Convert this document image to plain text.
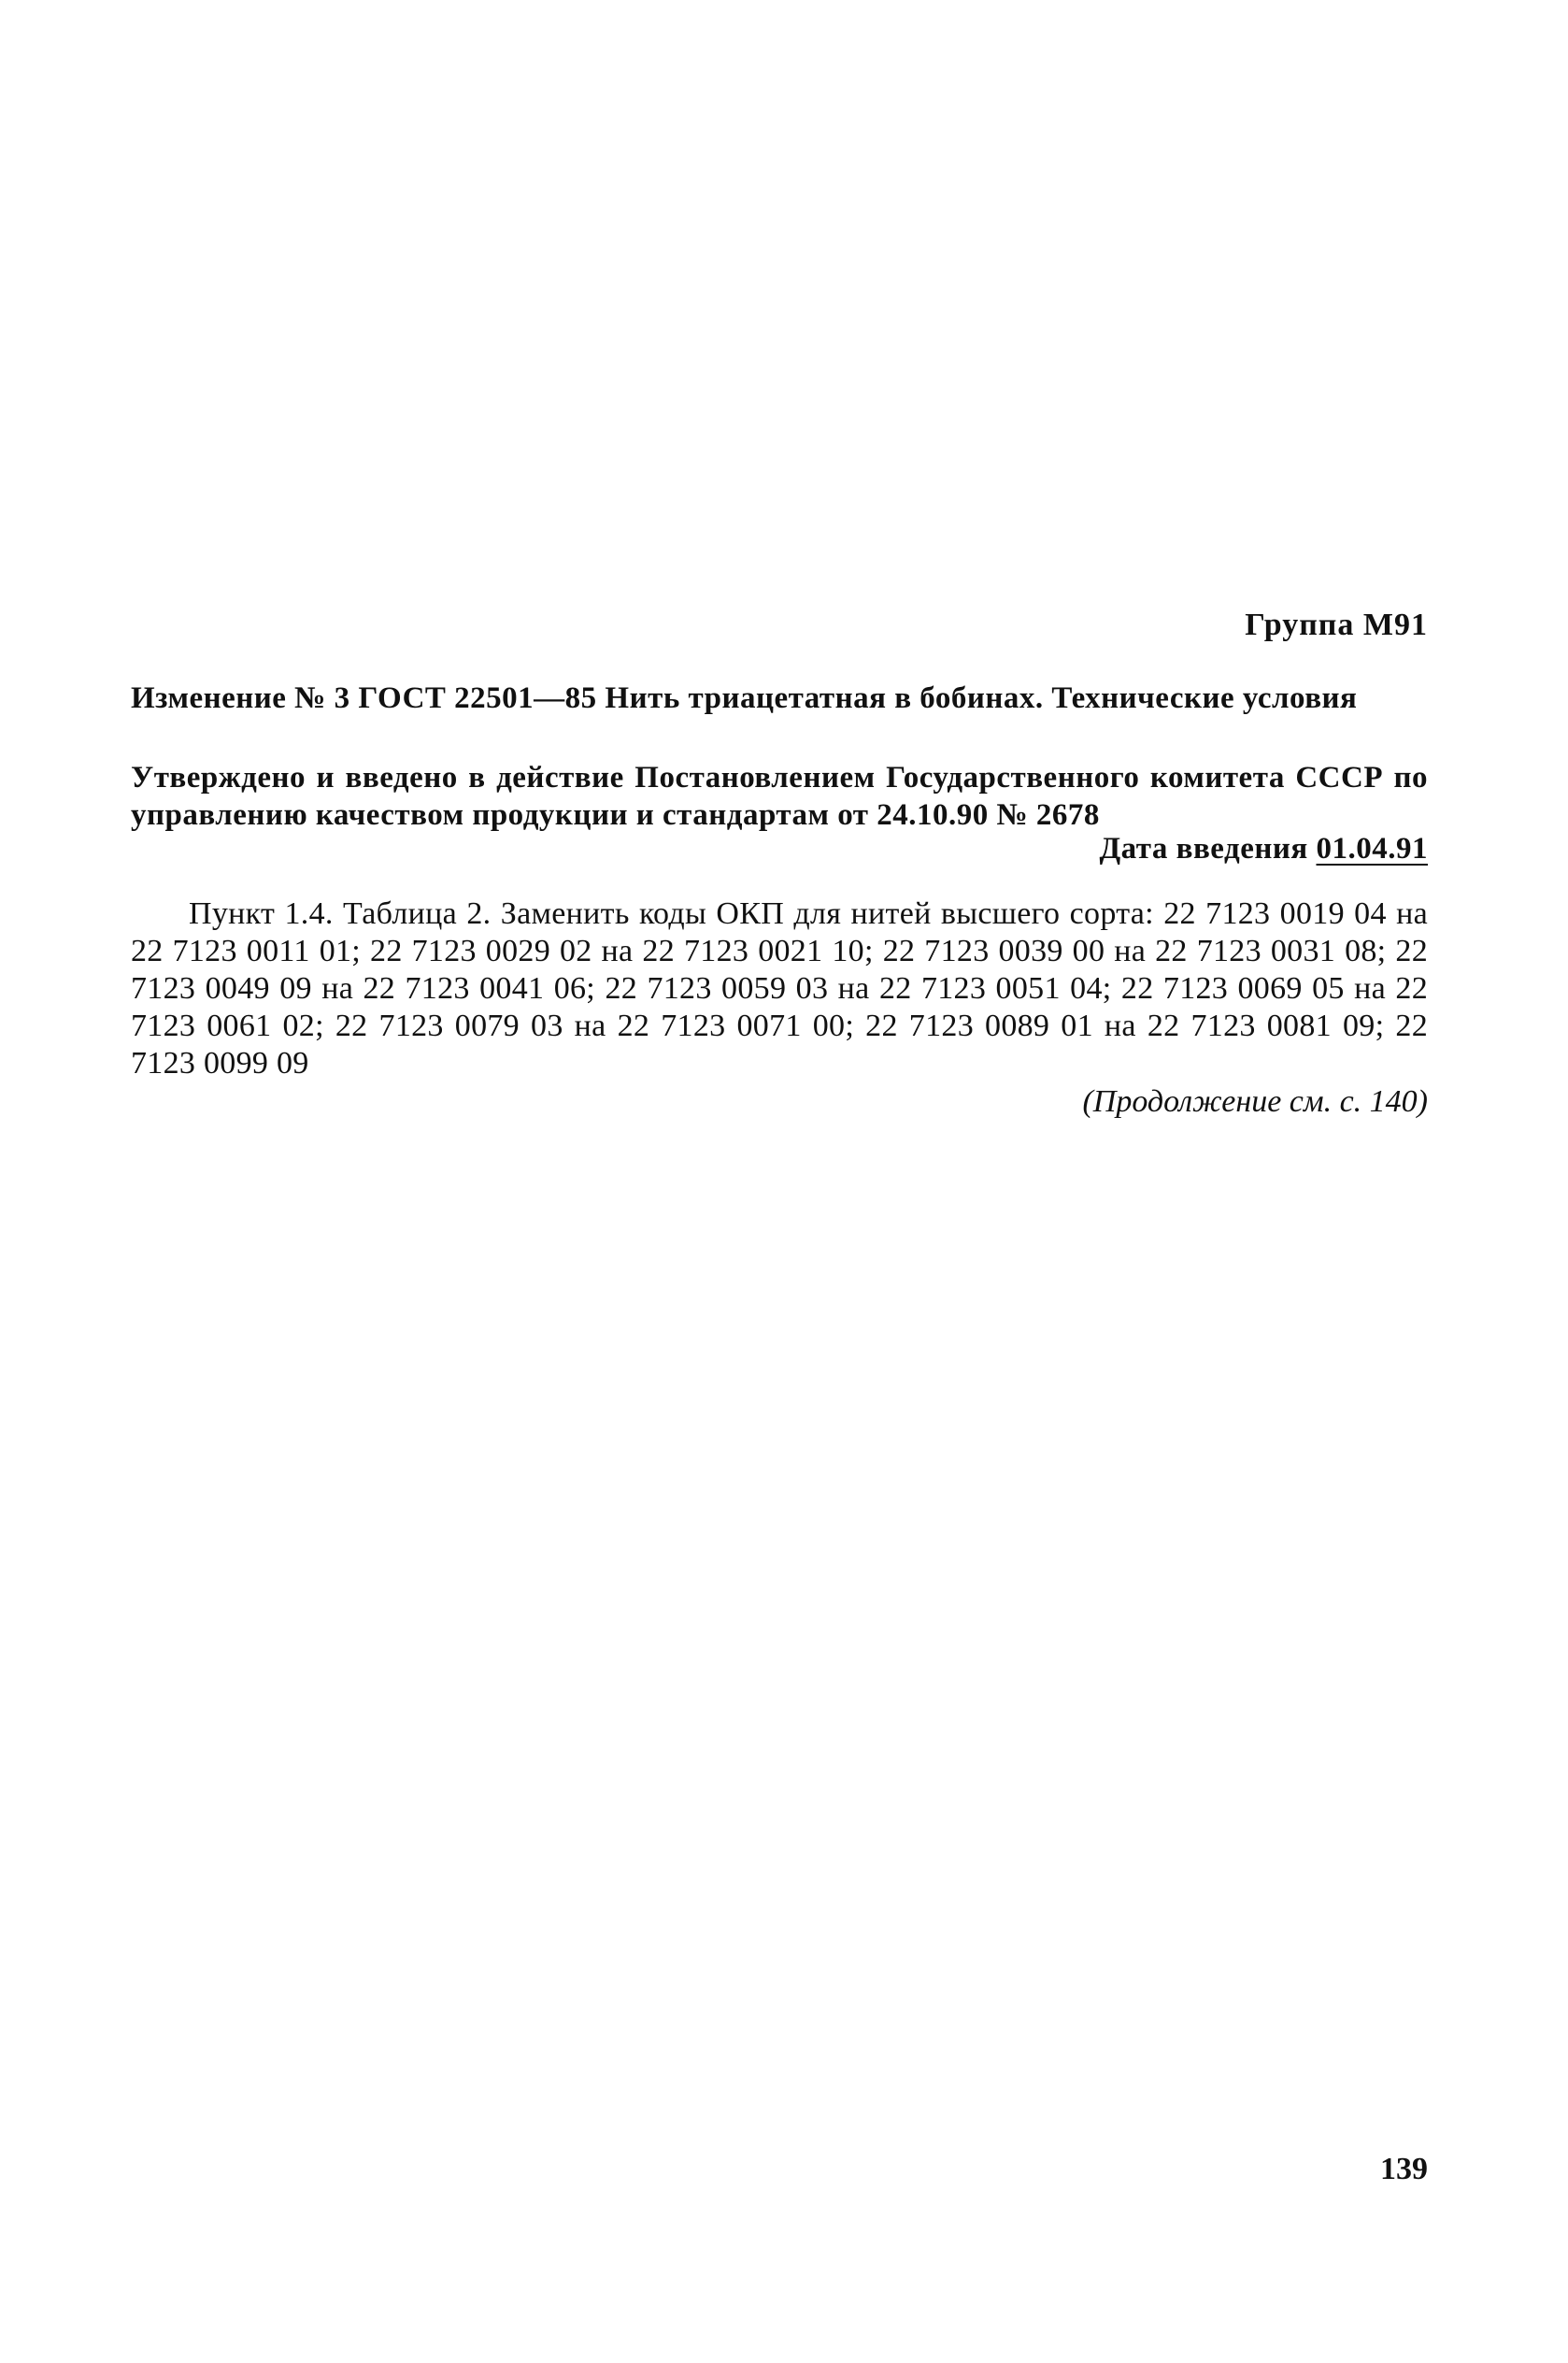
Группа М91
Изменение № 3 ГОСТ 22501—85 Нить триацетатная в бобинах. Технические условия
Утверждено и введено в действие Постановлением Государственного комитета СССР по управлению качеством продукции и стандартам от 24.10.90 № 2678
Дата введения 01.04.91
Пункт 1.4. Таблица 2. Заменить коды ОКП для нитей высшего сорта: 22 7123 0019 04 на 22 7123 0011 01; 22 7123 0029 02 на 22 7123 0021 10; 22 7123 0039 00 на 22 7123 0031 08; 22 7123 0049 09 на 22 7123 0041 06; 22 7123 0059 03 на 22 7123 0051 04; 22 7123 0069 05 на 22 7123 0061 02; 22 7123 0079 03 на 22 7123 0071 00; 22 7123 0089 01 на 22 7123 0081 09; 22 7123 0099 09
(Продолжение см. с. 140)
139
